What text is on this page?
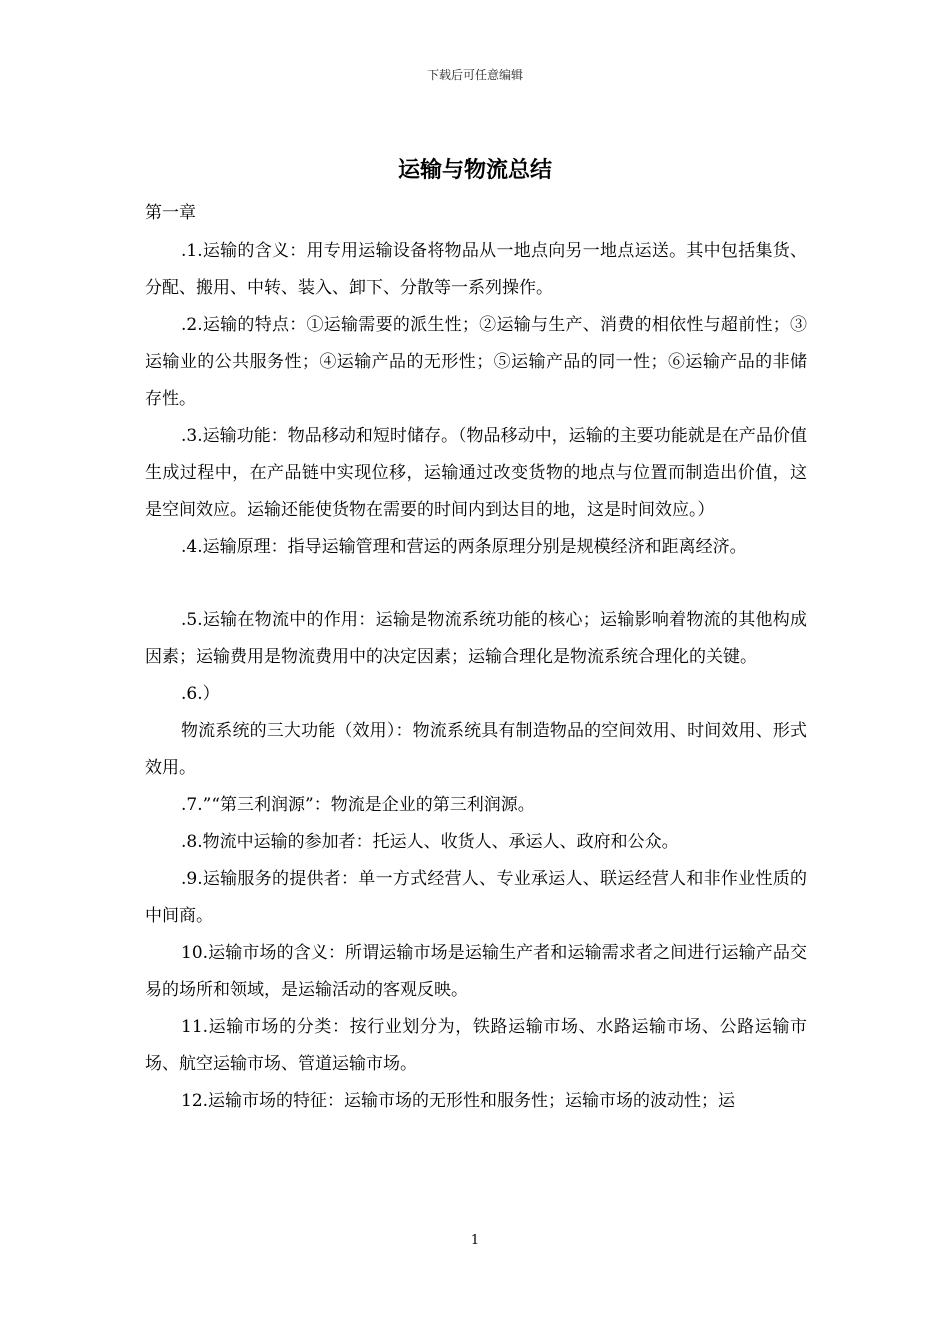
下载后可任意编辑
运输与物流总结
第一章

.1.运输的含义：用专用运输设备将物品从一地点向另一地点运送。其中包括集货、分配、搬用、中转、装入、卸下、分散等一系列操作。

.2.运输的特点：①运输需要的派生性；②运输与生产、消费的相依性与超前性；③运输业的公共服务性；④运输产品的无形性；⑤运输产品的同一性；⑥运输产品的非储存性。

.3.运输功能：物品移动和短时储存。（物品移动中，运输的主要功能就是在产品价值生成过程中，在产品链中实现位移，运输通过改变货物的地点与位置而制造出价值，这是空间效应。运输还能使货物在需要的时间内到达目的地，这是时间效应。）

.4.运输原理：指导运输管理和营运的两条原理分别是规模经济和距离经济。

.5.运输在物流中的作用：运输是物流系统功能的核心；运输影响着物流的其他构成因素；运输费用是物流费用中的决定因素；运输合理化是物流系统合理化的关键。

.6.）

物流系统的三大功能（效用）：物流系统具有制造物品的空间效用、时间效用、形式效用。

.7.”“第三利润源”：物流是企业的第三利润源。

.8.物流中运输的参加者：托运人、收货人、承运人、政府和公众。

.9.运输服务的提供者：单一方式经营人、专业承运人、联运经营人和非作业性质的中间商。

10.运输市场的含义：所谓运输市场是运输生产者和运输需求者之间进行运输产品交易的场所和领域，是运输活动的客观反映。

11.运输市场的分类：按行业划分为，铁路运输市场、水路运输市场、公路运输市场、航空运输市场、管道运输市场。

12.运输市场的特征：运输市场的无形性和服务性；运输市场的波动性；运

1
